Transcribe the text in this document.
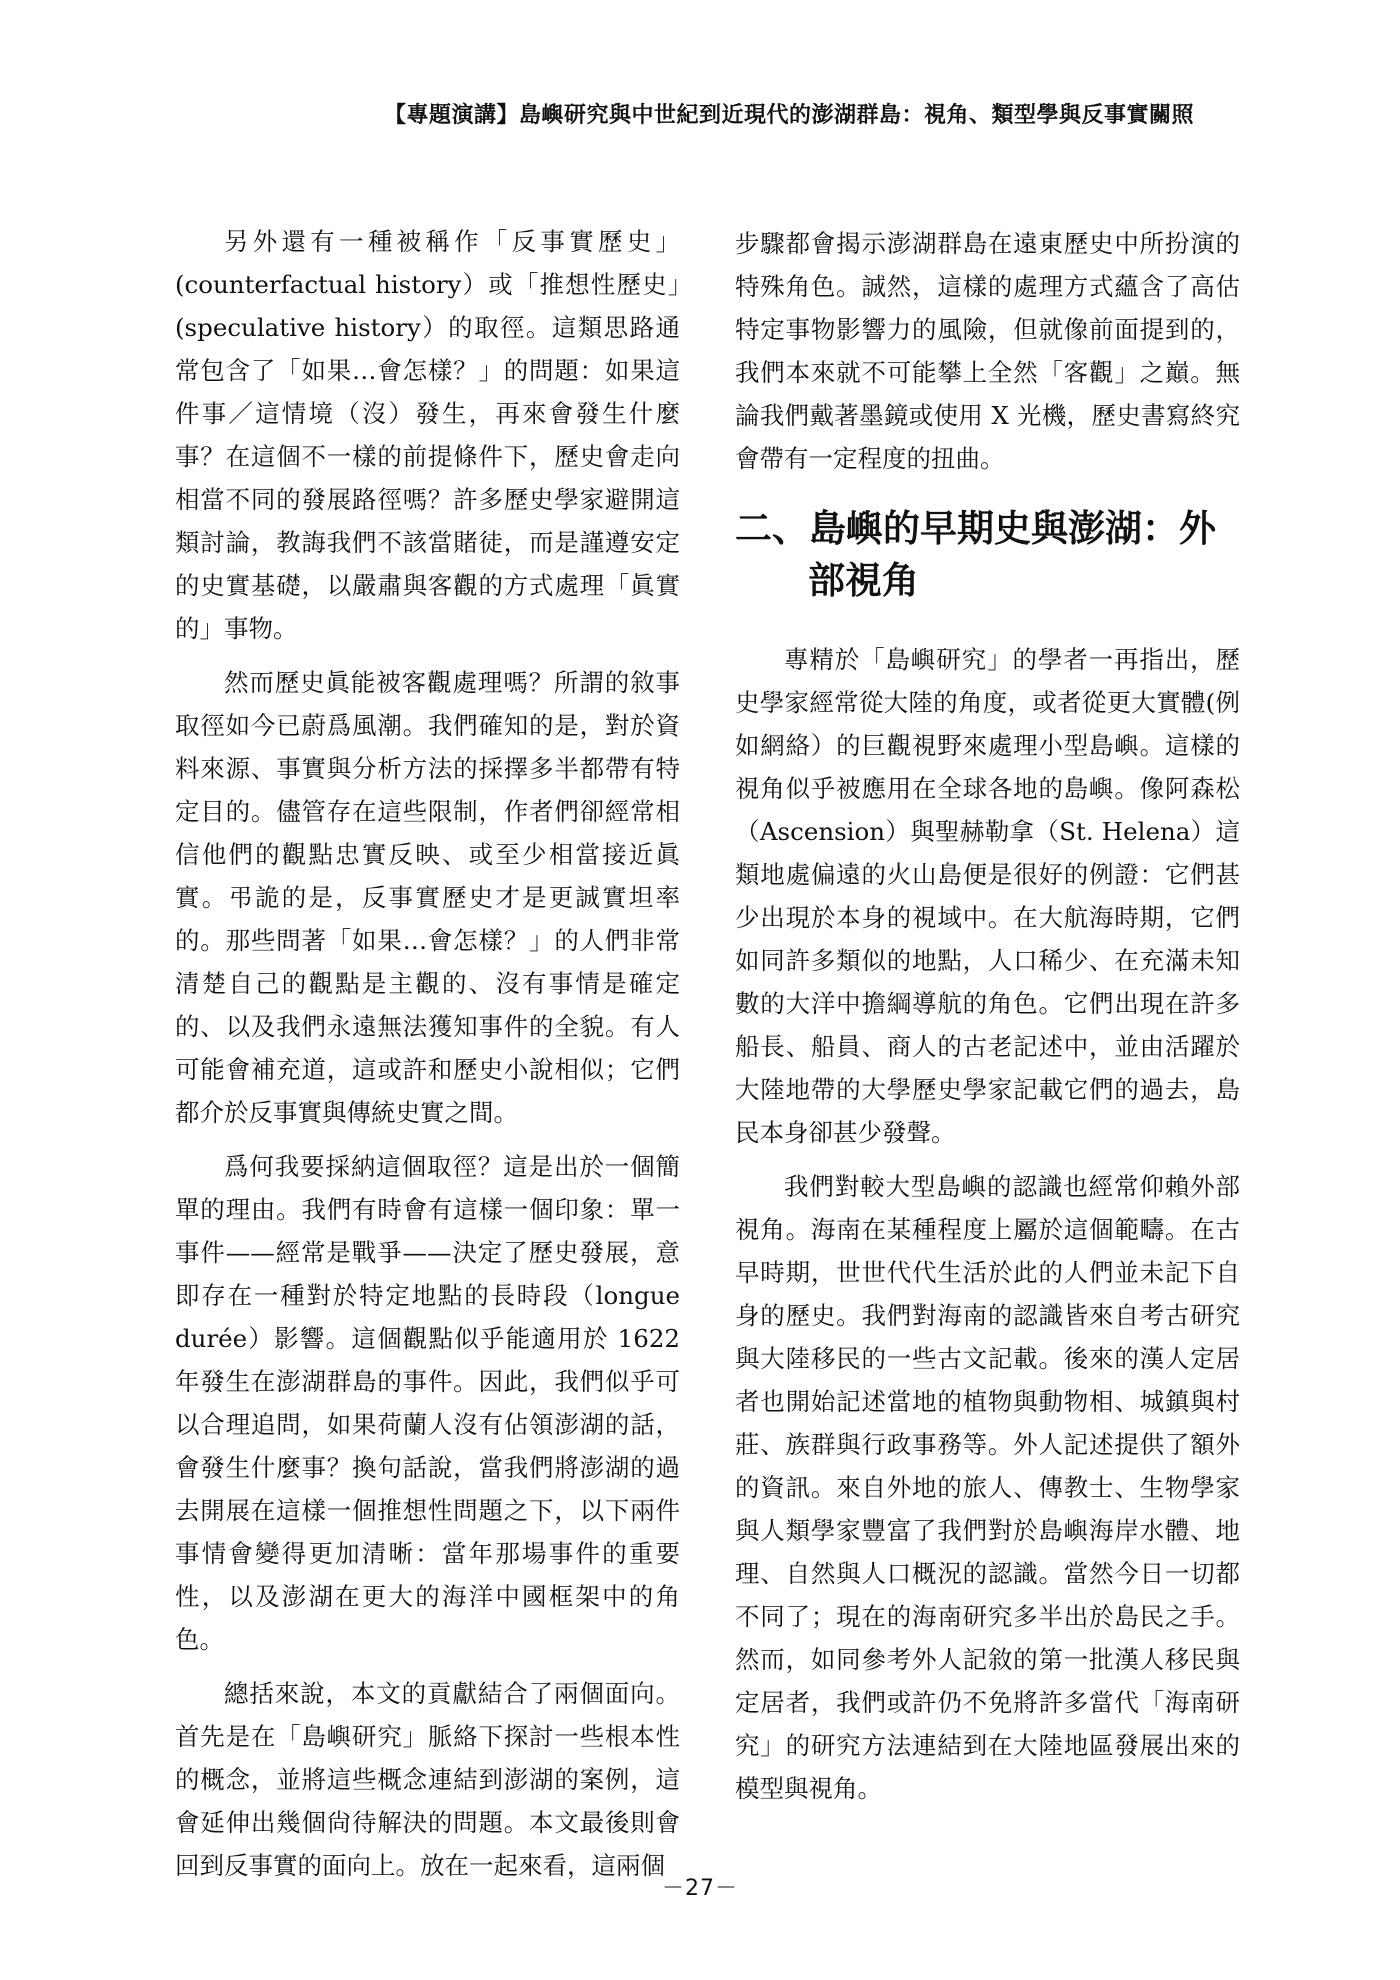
【專題演講】島嶼研究與中世紀到近現代的澎湖群島：視角、類型學與反事實關照

另外還有一種被稱作「反事實歷史」(counterfactual history）或「推想性歷史」(speculative history）的取徑。這類思路通常包含了「如果…會怎樣？」的問題：如果這件事／這情境（沒）發生，再來會發生什麼事？在這個不一樣的前提條件下，歷史會走向相當不同的發展路徑嗎？許多歷史學家避開這類討論，教誨我們不該當賭徒，而是謹遵安定的史實基礎，以嚴肅與客觀的方式處理「眞實的」事物。

然而歷史眞能被客觀處理嗎？所謂的敘事取徑如今已蔚爲風潮。我們確知的是，對於資料來源、事實與分析方法的採擇多半都帶有特定目的。儘管存在這些限制，作者們卻經常相信他們的觀點忠實反映、或至少相當接近眞實。弔詭的是，反事實歷史才是更誠實坦率的。那些問著「如果…會怎樣？」的人們非常清楚自己的觀點是主觀的、沒有事情是確定的、以及我們永遠無法獲知事件的全貌。有人可能會補充道，這或許和歷史小說相似；它們都介於反事實與傳統史實之間。

爲何我要採納這個取徑？這是出於一個簡單的理由。我們有時會有這樣一個印象：單一事件——經常是戰爭——決定了歷史發展，意即存在一種對於特定地點的長時段（longue durée）影響。這個觀點似乎能適用於 1622 年發生在澎湖群島的事件。因此，我們似乎可以合理追問，如果荷蘭人沒有佔領澎湖的話，會發生什麼事？換句話說，當我們將澎湖的過去開展在這樣一個推想性問題之下，以下兩件事情會變得更加清晰：當年那場事件的重要性，以及澎湖在更大的海洋中國框架中的角色。

總括來說，本文的貢獻結合了兩個面向。首先是在「島嶼研究」脈絡下探討一些根本性的概念，並將這些概念連結到澎湖的案例，這會延伸出幾個尙待解決的問題。本文最後則會回到反事實的面向上。放在一起來看，這兩個

步驟都會揭示澎湖群島在遠東歷史中所扮演的特殊角色。誠然，這樣的處理方式蘊含了高估特定事物影響力的風險，但就像前面提到的，我們本來就不可能攀上全然「客觀」之巔。無論我們戴著墨鏡或使用 X 光機，歷史書寫終究會帶有一定程度的扭曲。

二、島嶼的早期史與澎湖：外部視角

專精於「島嶼研究」的學者一再指出，歷史學家經常從大陸的角度，或者從更大實體(例如網絡）的巨觀視野來處理小型島嶼。這樣的視角似乎被應用在全球各地的島嶼。像阿森松（Ascension）與聖赫勒拿（St. Helena）這類地處偏遠的火山島便是很好的例證：它們甚少出現於本身的視域中。在大航海時期，它們如同許多類似的地點，人口稀少、在充滿未知數的大洋中擔綱導航的角色。它們出現在許多船長、船員、商人的古老記述中，並由活躍於大陸地帶的大學歷史學家記載它們的過去，島民本身卻甚少發聲。

我們對較大型島嶼的認識也經常仰賴外部視角。海南在某種程度上屬於這個範疇。在古早時期，世世代代生活於此的人們並未記下自身的歷史。我們對海南的認識皆來自考古研究與大陸移民的一些古文記載。後來的漢人定居者也開始記述當地的植物與動物相、城鎮與村莊、族群與行政事務等。外人記述提供了額外的資訊。來自外地的旅人、傳教士、生物學家與人類學家豐富了我們對於島嶼海岸水體、地理、自然與人口概況的認識。當然今日一切都不同了；現在的海南研究多半出於島民之手。然而，如同參考外人記敘的第一批漢人移民與定居者，我們或許仍不免將許多當代「海南研究」的研究方法連結到在大陸地區發展出來的模型與視角。

－27－
